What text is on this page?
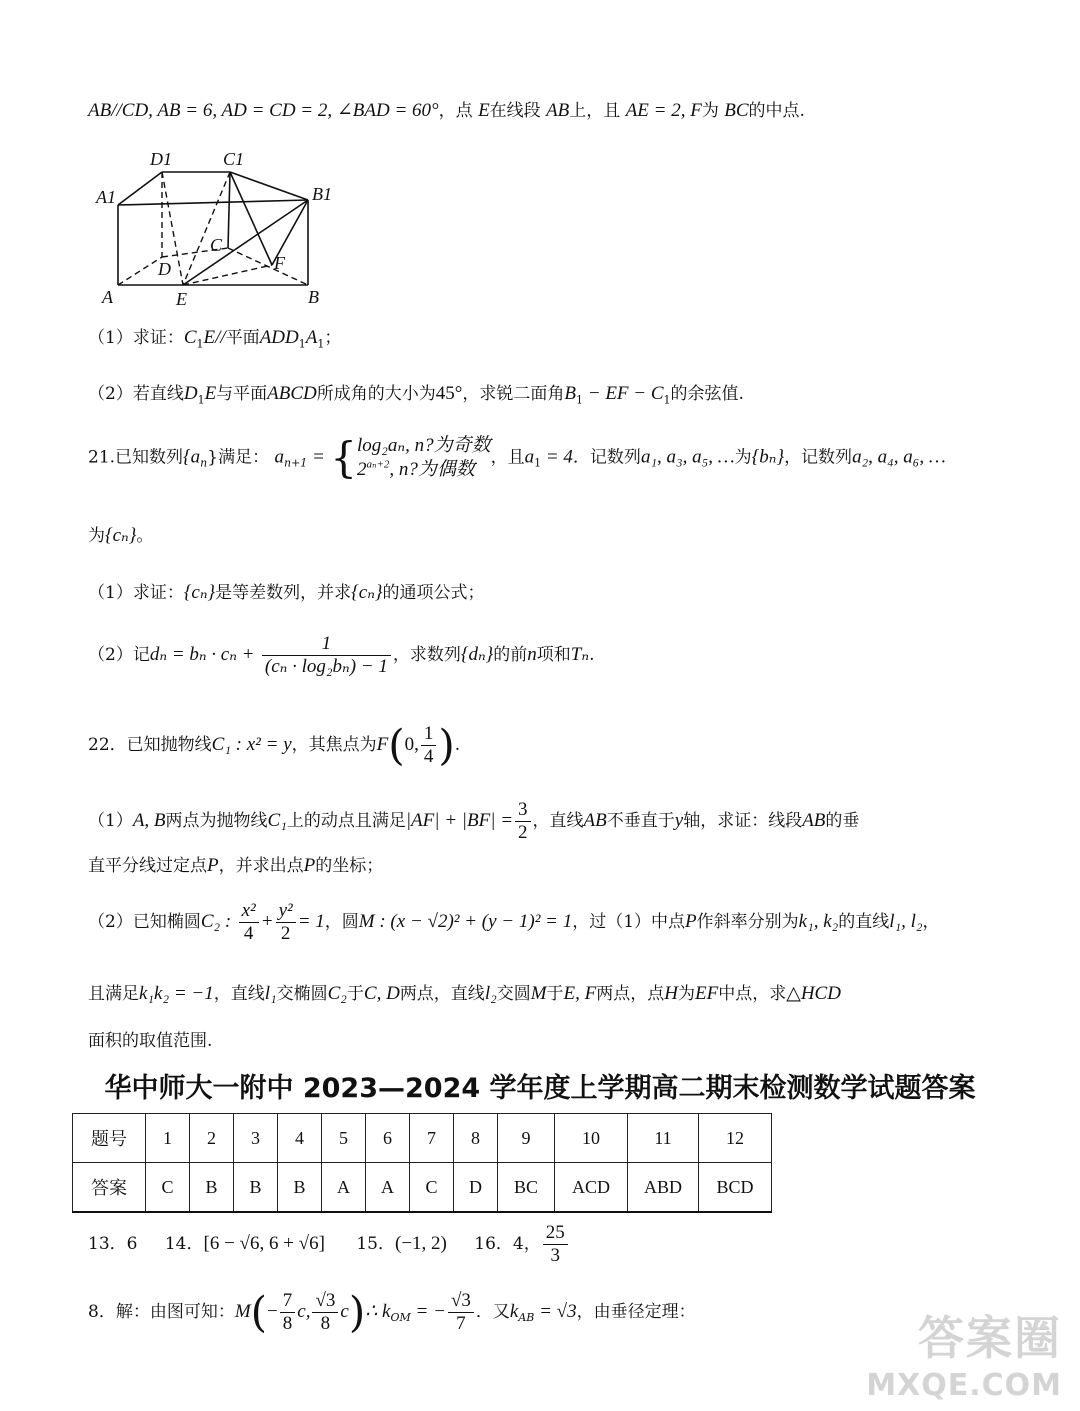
AB//CD, AB = 6, AD = CD = 2, ∠BAD = 60°，点 E在线段 AB上，且 AE = 2, F为 BC的中点.
D1	C1
A1	B1
C
D	F
A	E	B
（1）求证：$C_1E//$平面$ADD_1A_1$；
（2）若直线$D_1E$与平面ABCD所成角的大小为45°，求锐二面角$B_1$ − EF − $C_1$的余弦值.
21.已知数列$\{a_n\}$满足： $a_{n+1}$ = { log₂aₙ, n?为奇数
$2^{a_n+2}$, n?为偶数
，且$a_1 = 4$．记数列a₁, a₃, a₅, …为{bₙ}，记数列a₂, a₄, a₆, …
为{cₙ}。
（1）求证：{cₙ}是等差数列，并求{cₙ}的通项公式；
（2）记$d_n = b_n \cdot c_n + \frac{1}{\text{(cₙ · log₂bₙ) − 1}}$ ，求数列{dₙ}的前n项和Tₙ.
22．已知抛物线C₁ : x² = y，其焦点为F(0, $\frac{1}{4}$ ).
（1）A, B两点为抛物线C₁上的动点且满足$|AF| + |BF| = \frac{3}{2}$ ，直线AB不垂直于y轴，求证：线段AB的垂
直平分线过定点P，并求出点P的坐标；
（2）已知椭圆C₂ : $\frac{\text{x²}}{4} + \frac{\text{y²}}{2} = 1$，圆M : (x − √2)² + (y − 1)² = 1，过（1）中点P作斜率分别为k₁, k₂的直线l₁, l₂，
且满足k₁k₂ = −1，直线l₁交椭圆C₂于C, D两点，直线l₂交圆M于E, F两点，点H为EF中点，求△HCD
面积的取值范围.
华中师大一附中 2023—2024 学年度上学期高二期末检测数学试题答案
题号	1	2	3	4	5	6	7	8	9	10	11	12
答案	C	B	B	B	A	A	C	D	BC	ACD	ABD	BCD
13．6 14．[6 − √6, 6 + √6] 15．(−1, 2) 16．4， $\frac{25}{3}$
8．解：由图可知：$M(- \frac{7}{8} c$, $\frac{√3}{8}$ c)∴ $k_{OM}$ = − $\frac{√3}{7}$ ．又$k_{AB} = √3$，由垂径定理：	答案圈
MXQE.COM
